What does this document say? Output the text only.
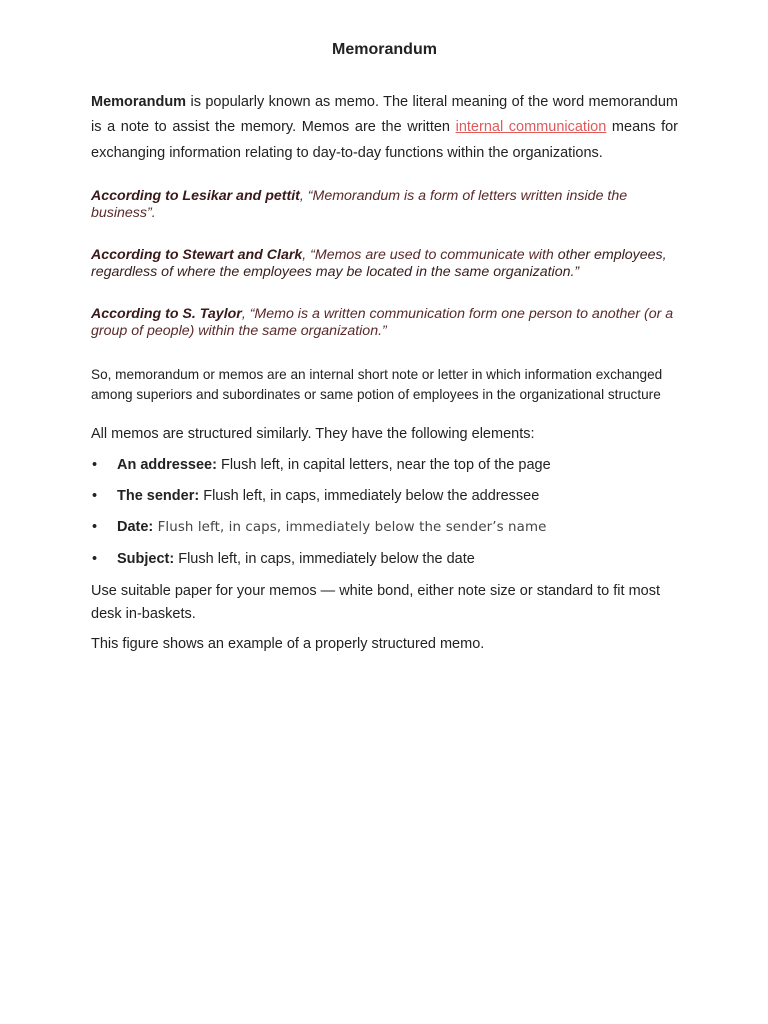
Memorandum

Memorandum is popularly known as memo. The literal meaning of the word memorandum is a note to assist the memory. Memos are the written internal communication means for exchanging information relating to day-to-day functions within the organizations.

According to Lesikar and pettit, “Memorandum is a form of letters written inside the business”.

According to Stewart and Clark, “Memos are used to communicate with other employees, regardless of where the employees may be located in the same organization.”

According to S. Taylor, “Memo is a written communication form one person to another (or a group of people) within the same organization.”

So, memorandum or memos are an internal short note or letter in which information exchanged among superiors and subordinates or same potion of employees in the organizational structure

All memos are structured similarly. They have the following elements:

• An addressee: Flush left, in capital letters, near the top of the page
• The sender: Flush left, in caps, immediately below the addressee
• Date: Flush left, in caps, immediately below the sender’s name
• Subject: Flush left, in caps, immediately below the date

Use suitable paper for your memos — white bond, either note size or standard to fit most desk in-baskets.

This figure shows an example of a properly structured memo.
